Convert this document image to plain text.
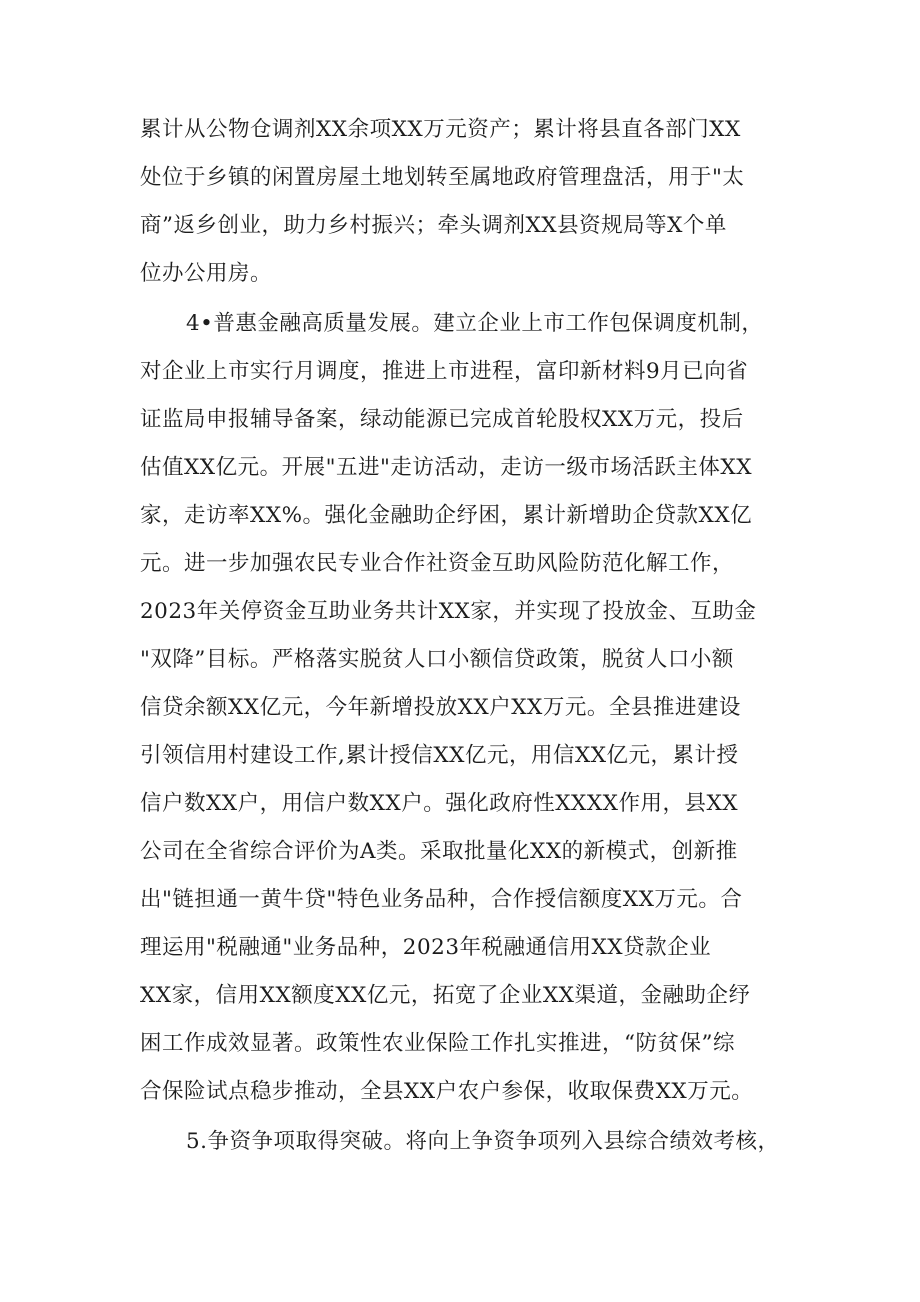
累计从公物仓调剂XX余项XX万元资产；累计将县直各部门XX
处位于乡镇的闲置房屋土地划转至属地政府管理盘活，用于"太
商”返乡创业，助力乡村振兴；牵头调剂XX县资规局等X个单
位办公用房。
4•普惠金融高质量发展。建立企业上市工作包保调度机制，
对企业上市实行月调度，推进上市进程，富印新材料9月已向省
证监局申报辅导备案，绿动能源已完成首轮股权XX万元，投后
估值XX亿元。开展"五进"走访活动，走访一级市场活跃主体XX
家，走访率XX%。强化金融助企纾困，累计新增助企贷款XX亿
元。进一步加强农民专业合作社资金互助风险防范化解工作，
2023年关停资金互助业务共计XX家，并实现了投放金、互助金
"双降”目标。严格落实脱贫人口小额信贷政策，脱贫人口小额
信贷余额XX亿元，今年新增投放XX户XX万元。全县推进建设
引领信用村建设工作,累计授信XX亿元，用信XX亿元，累计授
信户数XX户，用信户数XX户。强化政府性XXXX作用，县XX
公司在全省综合评价为A类。采取批量化XX的新模式，创新推
出"链担通一黄牛贷"特色业务品种，合作授信额度XX万元。合
理运用"税融通"业务品种，2023年税融通信用XX贷款企业
XX家，信用XX额度XX亿元，拓宽了企业XX渠道，金融助企纾
困工作成效显著。政策性农业保险工作扎实推进，“防贫保”综
合保险试点稳步推动，全县XX户农户参保，收取保费XX万元。
5.争资争项取得突破。将向上争资争项列入县综合绩效考核，
